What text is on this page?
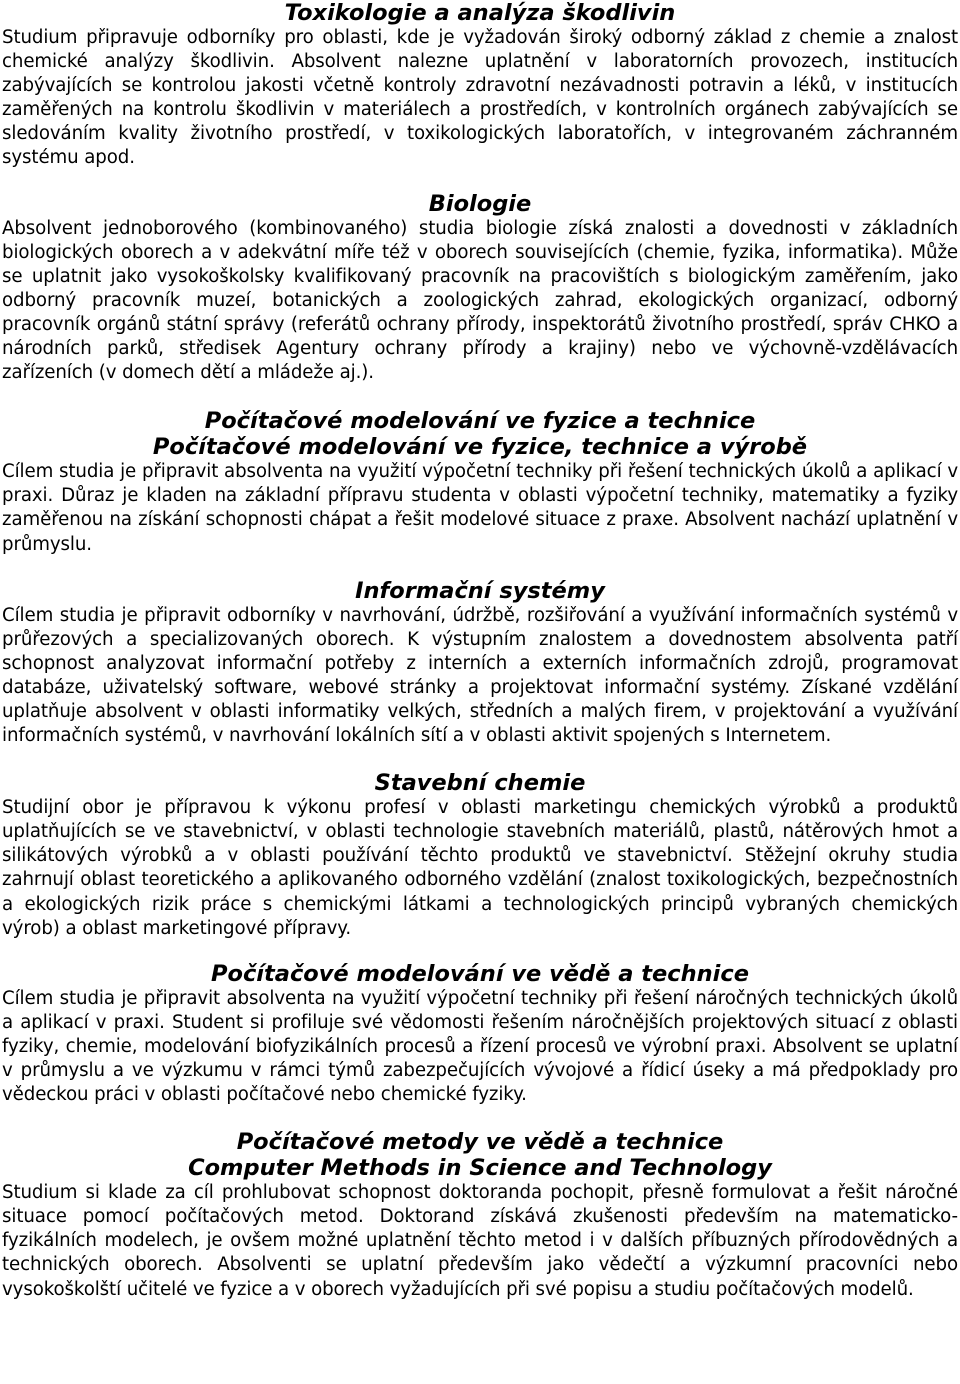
Toxikologie a analýza škodlivin

Studium připravuje odborníky pro oblasti, kde je vyžadován široký odborný základ z chemie a znalost chemické analýzy škodlivin. Absolvent nalezne uplatnění v laboratorních provozech, institucích zabývajících se kontrolou jakosti včetně kontroly zdravotní nezávadnosti potravin a léků, v institucích zaměřených na kontrolu škodlivin v materiálech a prostředích, v kontrolních orgánech zabývajících se sledováním kvality životního prostředí, v toxikologických laboratořích, v integrovaném záchranném systému apod.

Biologie

Absolvent jednoborového (kombinovaného) studia biologie získá znalosti a dovednosti v základních biologických oborech a v adekvátní míře též v oborech souvisejících (chemie, fyzika, informatika). Může se uplatnit jako vysokoškolsky kvalifikovaný pracovník na pracovištích s biologickým zaměřením, jako odborný pracovník muzeí, botanických a zoologických zahrad, ekologických organizací, odborný pracovník orgánů státní správy (referátů ochrany přírody, inspektorátů životního prostředí, správ CHKO a národních parků, středisek Agentury ochrany přírody a krajiny) nebo ve výchovně-vzdělávacích zařízeních (v domech dětí a mládeže aj.).

Počítačové modelování ve fyzice a technice
Počítačové modelování ve fyzice, technice a výrobě

Cílem studia je připravit absolventa na využití výpočetní techniky při řešení technických úkolů a aplikací v praxi. Důraz je kladen na základní přípravu studenta v oblasti výpočetní techniky, matematiky a fyziky zaměřenou na získání schopnosti chápat a řešit modelové situace z praxe. Absolvent nachází uplatnění v průmyslu.

Informační systémy

Cílem studia je připravit odborníky v navrhování, údržbě, rozšiřování a využívání informačních systémů v průřezových a specializovaných oborech. K výstupním znalostem a dovednostem absolventa patří schopnost analyzovat informační potřeby z interních a externích informačních zdrojů, programovat databáze, uživatelský software, webové stránky a projektovat informační systémy. Získané vzdělání uplatňuje absolvent v oblasti informatiky velkých, středních a malých firem, v projektování a využívání informačních systémů, v navrhování lokálních sítí a v oblasti aktivit spojených s Internetem.

Stavební chemie

Studijní obor je přípravou k výkonu profesí v oblasti marketingu chemických výrobků a produktů uplatňujících se ve stavebnictví, v oblasti technologie stavebních materiálů, plastů, nátěrových hmot a silikátových výrobků a v oblasti používání těchto produktů ve stavebnictví. Stěžejní okruhy studia zahrnují oblast teoretického a aplikovaného odborného vzdělání (znalost toxikologických, bezpečnostních a ekologických rizik práce s chemickými látkami a technologických principů vybraných chemických výrob) a oblast marketingové přípravy.

Počítačové modelování ve vědě a technice

Cílem studia je připravit absolventa na využití výpočetní techniky při řešení náročných technických úkolů a aplikací v praxi. Student si profiluje své vědomosti řešením náročnějších projektových situací z oblasti fyziky, chemie, modelování biofyzikálních procesů a řízení procesů ve výrobní praxi. Absolvent se uplatní v průmyslu a ve výzkumu v rámci týmů zabezpečujících vývojové a řídicí úseky a má předpoklady pro vědeckou práci v oblasti počítačové nebo chemické fyziky.

Počítačové metody ve vědě a technice
Computer Methods in Science and Technology

Studium si klade za cíl prohlubovat schopnost doktoranda pochopit, přesně formulovat a řešit náročné situace pomocí počítačových metod. Doktorand získává zkušenosti především na matematicko-fyzikálních modelech, je ovšem možné uplatnění těchto metod i v dalších příbuzných přírodovědných a technických oborech. Absolventi se uplatní především jako vědečtí a výzkumní pracovníci nebo vysokoškolští učitelé ve fyzice a v oborech vyžadujících při své popisu a studiu počítačových modelů.
